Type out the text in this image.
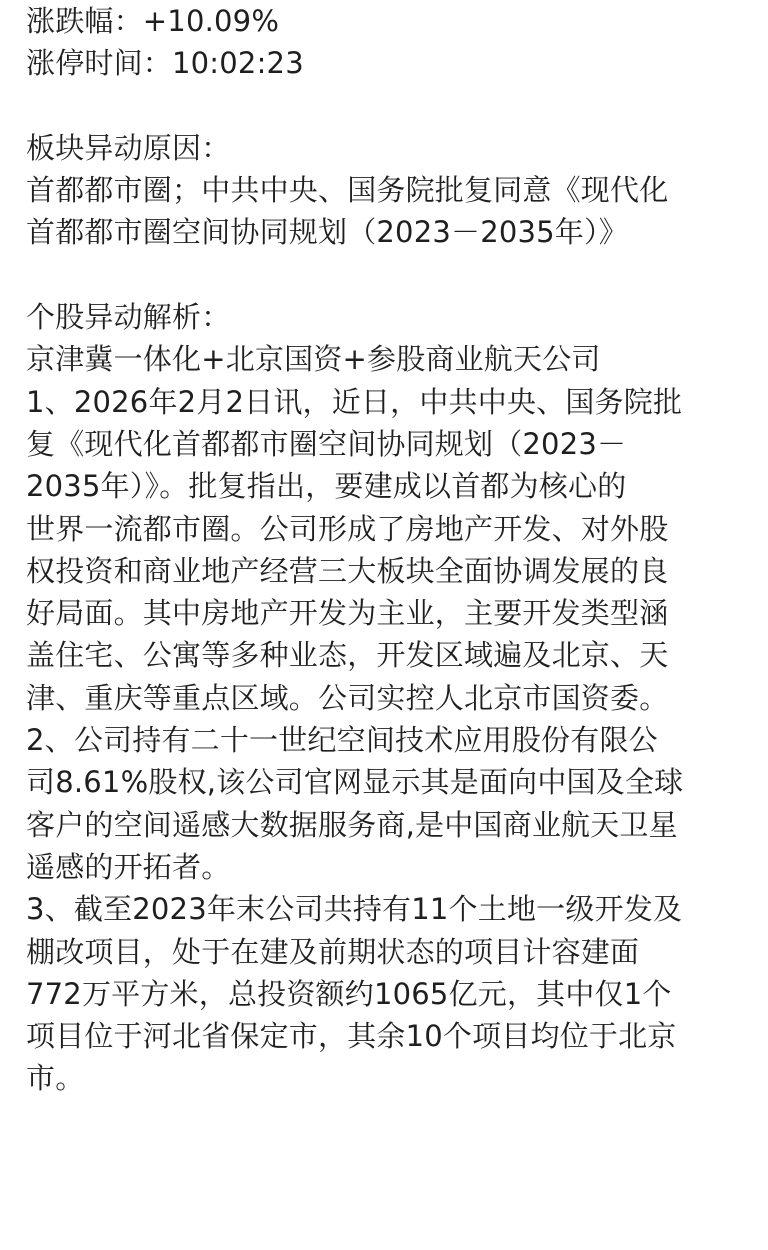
涨跌幅：+10.09%
涨停时间：10:02:23
板块异动原因：
首都都市圈；中共中央、国务院批复同意《现代化
首都都市圈空间协同规划（2023－2035年）》
个股异动解析：
京津冀一体化+北京国资+参股商业航天公司
1、2026年2月2日讯，近日，中共中央、国务院批
复《现代化首都都市圈空间协同规划（2023－
2035年）》。批复指出，要建成以首都为核心的
世界一流都市圈。公司形成了房地产开发、对外股
权投资和商业地产经营三大板块全面协调发展的良
好局面。其中房地产开发为主业，主要开发类型涵
盖住宅、公寓等多种业态，开发区域遍及北京、天
津、重庆等重点区域。公司实控人北京市国资委。
2、公司持有二十一世纪空间技术应用股份有限公
司8.61%股权,该公司官网显示其是面向中国及全球
客户的空间遥感大数据服务商,是中国商业航天卫星
遥感的开拓者。
3、截至2023年末公司共持有11个土地一级开发及
棚改项目，处于在建及前期状态的项目计容建面
772万平方米，总投资额约1065亿元，其中仅1个
项目位于河北省保定市，其余10个项目均位于北京
市。
